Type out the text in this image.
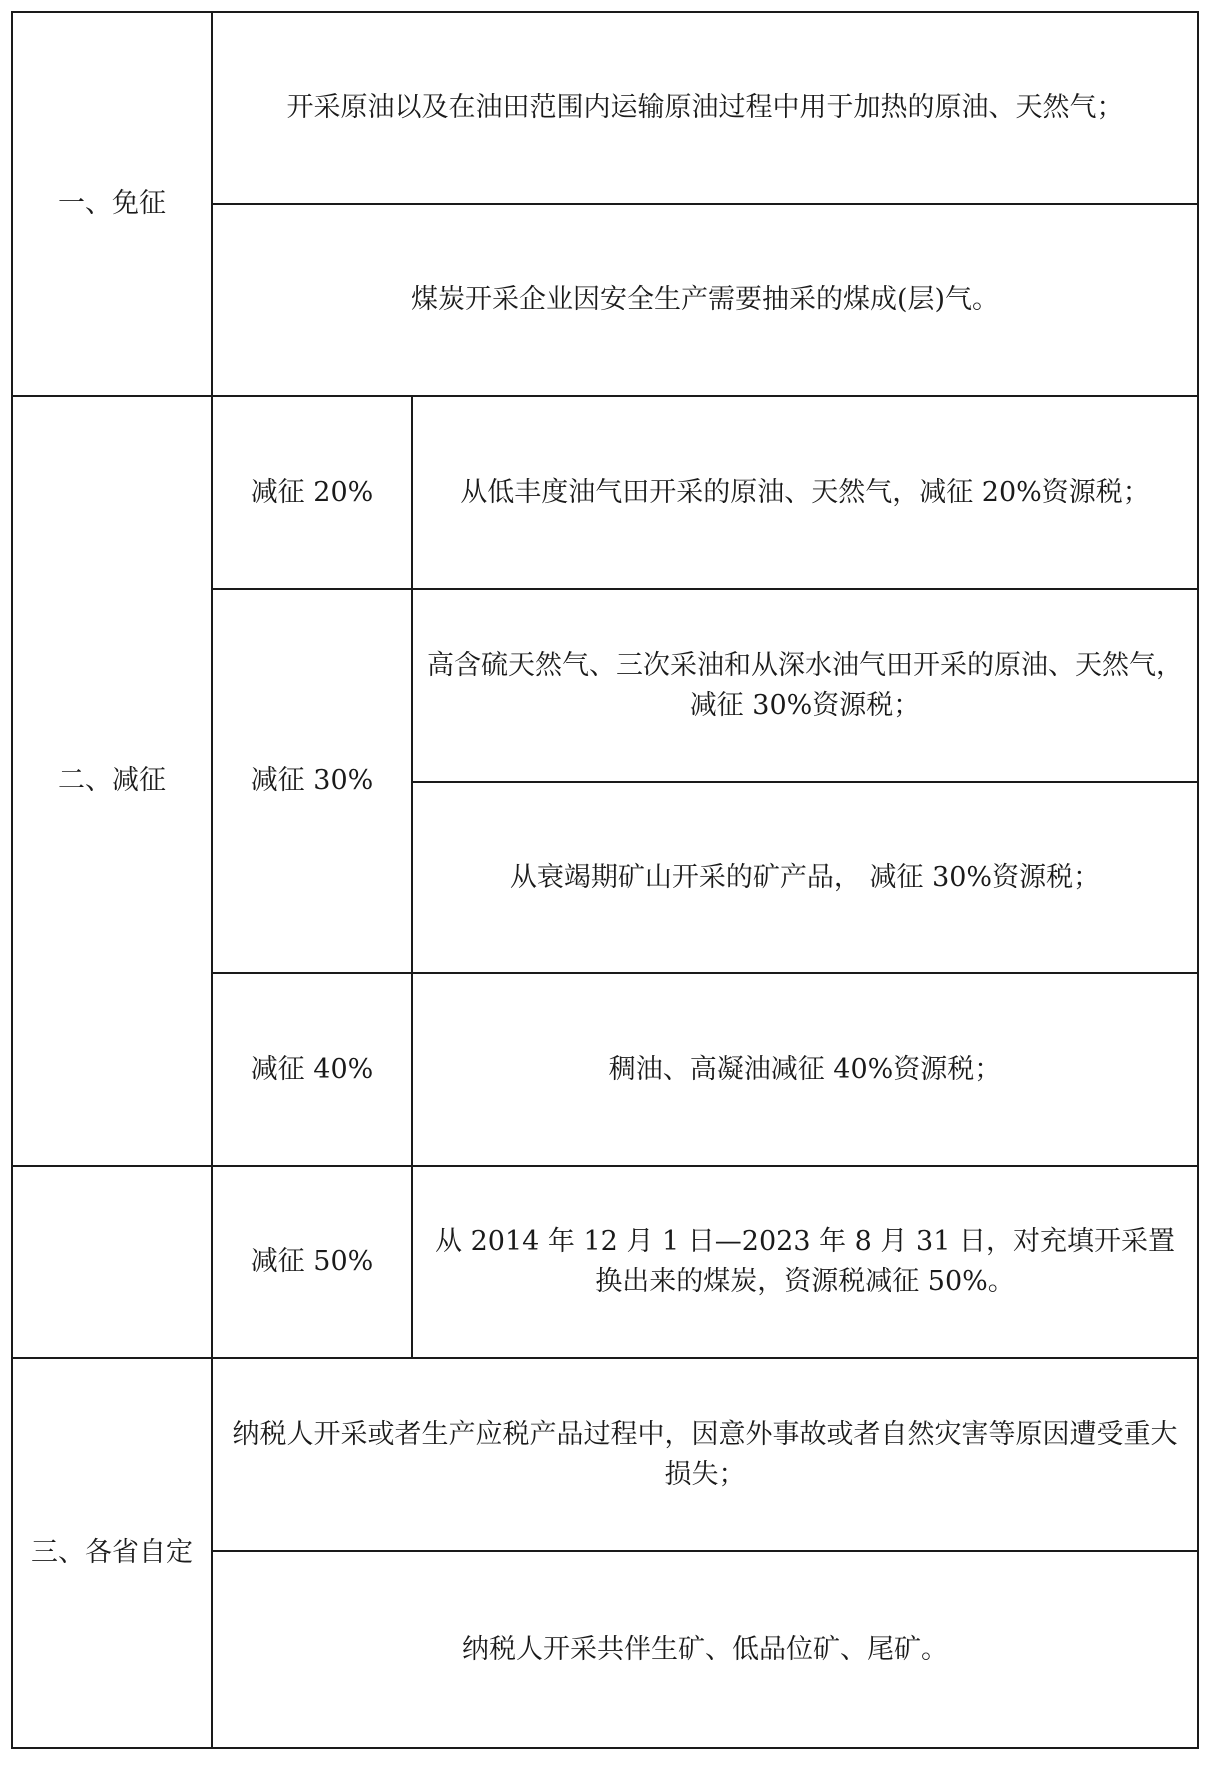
一、免征	开采原油以及在油田范围内运输原油过程中用于加热的原油、天然气；	
	煤炭开采企业因安全生产需要抽采的煤成(层)气。	
二、减征	减征 20%	从低丰度油气田开采的原油、天然气，减征 20%资源税；
	减征 30%	高含硫天然气、三次采油和从深水油气田开采的原油、天然气， 减征 30%资源税；
		从衰竭期矿山开采的矿产品， 减征 30%资源税；
	减征 40%	稠油、高凝油减征 40%资源税；
	减征 50%	从 2014 年 12 月 1 日—2023 年 8 月 31 日，对充填开采置换出来的煤炭，资源税减征 50%。
三、各省自定	纳税人开采或者生产应税产品过程中，因意外事故或者自然灾害等原因遭受重大损失；	
	纳税人开采共伴生矿、低品位矿、尾矿。	
